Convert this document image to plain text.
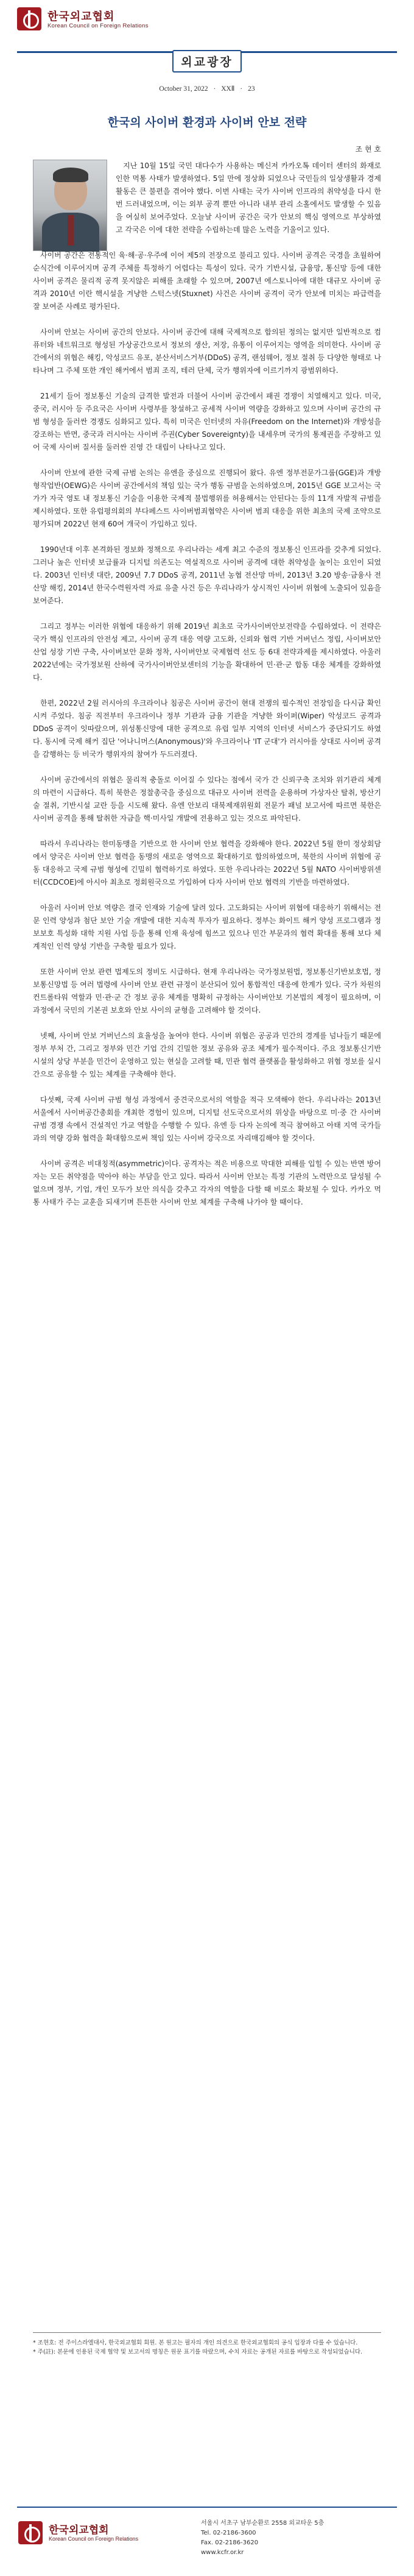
한국외교협회
Korean Council on Foreign Relations
외교광장
October 31, 2022 · XXⅡ · 23
한국의 사이버 환경과 사이버 안보 전략
조 현 호

지난 10월 15일 국민 대다수가 사용하는 메신저 카카오톡 데이터 센터의 화재로 인한 먹통 사태가 발생하였다. 5일 만에 정상화 되었으나 국민들의 일상생활과 경제활동은 큰 불편을 겪어야 했다. 이번 사태는 국가 사이버 인프라의 취약성을 다시 한번 드러내었으며, 이는 외부 공격 뿐만 아니라 내부 관리 소홀에서도 발생할 수 있음을 여실히 보여주었다. 오늘날 사이버 공간은 국가 안보의 핵심 영역으로 부상하였고 각국은 이에 대한 전략을 수립하는데 많은 노력을 기울이고 있다.

사이버 공간은 전통적인 육·해·공·우주에 이어 제5의 전장으로 불리고 있다. 사이버 공격은 국경을 초월하여 순식간에 이루어지며 공격 주체를 특정하기 어렵다는 특성이 있다. 국가 기반시설, 금융망, 통신망 등에 대한 사이버 공격은 물리적 공격 못지않은 피해를 초래할 수 있으며, 2007년 에스토니아에 대한 대규모 사이버 공격과 2010년 이란 핵시설을 겨냥한 스턱스넷(Stuxnet) 사건은 사이버 공격이 국가 안보에 미치는 파급력을 잘 보여준 사례로 평가된다.

사이버 안보는 사이버 공간의 안보다. 사이버 공간에 대해 국제적으로 합의된 정의는 없지만 일반적으로 컴퓨터와 네트워크로 형성된 가상공간으로서 정보의 생산, 저장, 유통이 이루어지는 영역을 의미한다. 사이버 공간에서의 위협은 해킹, 악성코드 유포, 분산서비스거부(DDoS) 공격, 랜섬웨어, 정보 절취 등 다양한 형태로 나타나며 그 주체 또한 개인 해커에서 범죄 조직, 테러 단체, 국가 행위자에 이르기까지 광범위하다.

21세기 들어 정보통신 기술의 급격한 발전과 더불어 사이버 공간에서 패권 경쟁이 치열해지고 있다. 미국, 중국, 러시아 등 주요국은 사이버 사령부를 창설하고 공세적 사이버 역량을 강화하고 있으며 사이버 공간의 규범 형성을 둘러싼 경쟁도 심화되고 있다. 특히 미국은 인터넷의 자유(Freedom on the Internet)와 개방성을 강조하는 반면, 중국과 러시아는 사이버 주권(Cyber Sovereignty)을 내세우며 국가의 통제권을 주장하고 있어 국제 사이버 질서를 둘러싼 진영 간 대립이 나타나고 있다.

사이버 안보에 관한 국제 규범 논의는 유엔을 중심으로 진행되어 왔다. 유엔 정부전문가그룹(GGE)과 개방형작업반(OEWG)은 사이버 공간에서의 책임 있는 국가 행동 규범을 논의하였으며, 2015년 GGE 보고서는 국가가 자국 영토 내 정보통신 기술을 이용한 국제적 불법행위를 허용해서는 안된다는 등의 11개 자발적 규범을 제시하였다. 또한 유럽평의회의 부다페스트 사이버범죄협약은 사이버 범죄 대응을 위한 최초의 국제 조약으로 평가되며 2022년 현재 60여 개국이 가입하고 있다.

1990년대 이후 본격화된 정보화 정책으로 우리나라는 세계 최고 수준의 정보통신 인프라를 갖추게 되었다. 그러나 높은 인터넷 보급률과 디지털 의존도는 역설적으로 사이버 공격에 대한 취약성을 높이는 요인이 되었다. 2003년 인터넷 대란, 2009년 7.7 DDoS 공격, 2011년 농협 전산망 마비, 2013년 3.20 방송·금융사 전산망 해킹, 2014년 한국수력원자력 자료 유출 사건 등은 우리나라가 상시적인 사이버 위협에 노출되어 있음을 보여준다.

그리고 정부는 이러한 위협에 대응하기 위해 2019년 최초로 국가사이버안보전략을 수립하였다. 이 전략은 국가 핵심 인프라의 안전성 제고, 사이버 공격 대응 역량 고도화, 신뢰와 협력 기반 거버넌스 정립, 사이버보안 산업 성장 기반 구축, 사이버보안 문화 정착, 사이버안보 국제협력 선도 등 6대 전략과제를 제시하였다. 아울러 2022년에는 국가정보원 산하에 국가사이버안보센터의 기능을 확대하여 민·관·군 합동 대응 체계를 강화하였다.

한편, 2022년 2월 러시아의 우크라이나 침공은 사이버 공간이 현대 전쟁의 필수적인 전장임을 다시금 확인시켜 주었다. 침공 직전부터 우크라이나 정부 기관과 금융 기관을 겨냥한 와이퍼(Wiper) 악성코드 공격과 DDoS 공격이 잇따랐으며, 위성통신망에 대한 공격으로 유럽 일부 지역의 인터넷 서비스가 중단되기도 하였다. 동시에 국제 해커 집단 '어나니머스(Anonymous)'와 우크라이나 'IT 군대'가 러시아를 상대로 사이버 공격을 감행하는 등 비국가 행위자의 참여가 두드러졌다.

사이버 공간에서의 위협은 물리적 충돌로 이어질 수 있다는 점에서 국가 간 신뢰구축 조치와 위기관리 체계의 마련이 시급하다. 특히 북한은 정찰총국을 중심으로 대규모 사이버 전력을 운용하며 가상자산 탈취, 방산기술 절취, 기반시설 교란 등을 시도해 왔다. 유엔 안보리 대북제재위원회 전문가 패널 보고서에 따르면 북한은 사이버 공격을 통해 탈취한 자금을 핵·미사일 개발에 전용하고 있는 것으로 파악된다.

따라서 우리나라는 한미동맹을 기반으로 한 사이버 안보 협력을 강화해야 한다. 2022년 5월 한미 정상회담에서 양국은 사이버 안보 협력을 동맹의 새로운 영역으로 확대하기로 합의하였으며, 북한의 사이버 위협에 공동 대응하고 국제 규범 형성에 긴밀히 협력하기로 하였다. 또한 우리나라는 2022년 5월 NATO 사이버방위센터(CCDCOE)에 아시아 최초로 정회원국으로 가입하여 다자 사이버 안보 협력의 기반을 마련하였다.

아울러 사이버 안보 역량은 결국 인재와 기술에 달려 있다. 고도화되는 사이버 위협에 대응하기 위해서는 전문 인력 양성과 첨단 보안 기술 개발에 대한 지속적 투자가 필요하다. 정부는 화이트 해커 양성 프로그램과 정보보호 특성화 대학 지원 사업 등을 통해 인재 육성에 힘쓰고 있으나 민간 부문과의 협력 확대를 통해 보다 체계적인 인력 양성 기반을 구축할 필요가 있다.

또한 사이버 안보 관련 법제도의 정비도 시급하다. 현재 우리나라는 국가정보원법, 정보통신기반보호법, 정보통신망법 등 여러 법령에 사이버 안보 관련 규정이 분산되어 있어 통합적인 대응에 한계가 있다. 국가 차원의 컨트롤타워 역할과 민·관·군 간 정보 공유 체계를 명확히 규정하는 사이버안보 기본법의 제정이 필요하며, 이 과정에서 국민의 기본권 보호와 안보 사이의 균형을 고려해야 할 것이다.

넷째, 사이버 안보 거버넌스의 효율성을 높여야 한다. 사이버 위협은 공공과 민간의 경계를 넘나들기 때문에 정부 부처 간, 그리고 정부와 민간 기업 간의 긴밀한 정보 공유와 공조 체계가 필수적이다. 주요 정보통신기반시설의 상당 부분을 민간이 운영하고 있는 현실을 고려할 때, 민관 협력 플랫폼을 활성화하고 위협 정보를 실시간으로 공유할 수 있는 체계를 구축해야 한다.

다섯째, 국제 사이버 규범 형성 과정에서 중견국으로서의 역할을 적극 모색해야 한다. 우리나라는 2013년 서울에서 사이버공간총회를 개최한 경험이 있으며, 디지털 선도국으로서의 위상을 바탕으로 미·중 간 사이버 규범 경쟁 속에서 건설적인 가교 역할을 수행할 수 있다. 유엔 등 다자 논의에 적극 참여하고 아태 지역 국가들과의 역량 강화 협력을 확대함으로써 책임 있는 사이버 강국으로 자리매김해야 할 것이다.

사이버 공격은 비대칭적(asymmetric)이다. 공격자는 적은 비용으로 막대한 피해를 입힐 수 있는 반면 방어자는 모든 취약점을 막아야 하는 부담을 안고 있다. 따라서 사이버 안보는 특정 기관의 노력만으로 달성될 수 없으며 정부, 기업, 개인 모두가 보안 의식을 갖추고 각자의 역할을 다할 때 비로소 확보될 수 있다. 카카오 먹통 사태가 주는 교훈을 되새기며 튼튼한 사이버 안보 체계를 구축해 나가야 할 때이다.

* 조현호: 전 주이스라엘대사, 한국외교협회 회원. 본 원고는 필자의 개인 의견으로 한국외교협회의 공식 입장과 다를 수 있습니다.
* 주(註): 본문에 인용된 국제 협약 및 보고서의 명칭은 원문 표기를 따랐으며, 수치 자료는 공개된 자료를 바탕으로 작성되었습니다.
한국외교협회
Korean Council on Foreign Relations
서울시 서초구 남부순환로 2558 외교타운 5층
Tel. 02-2186-3600
Fax. 02-2186-3620
www.kcfr.or.kr
